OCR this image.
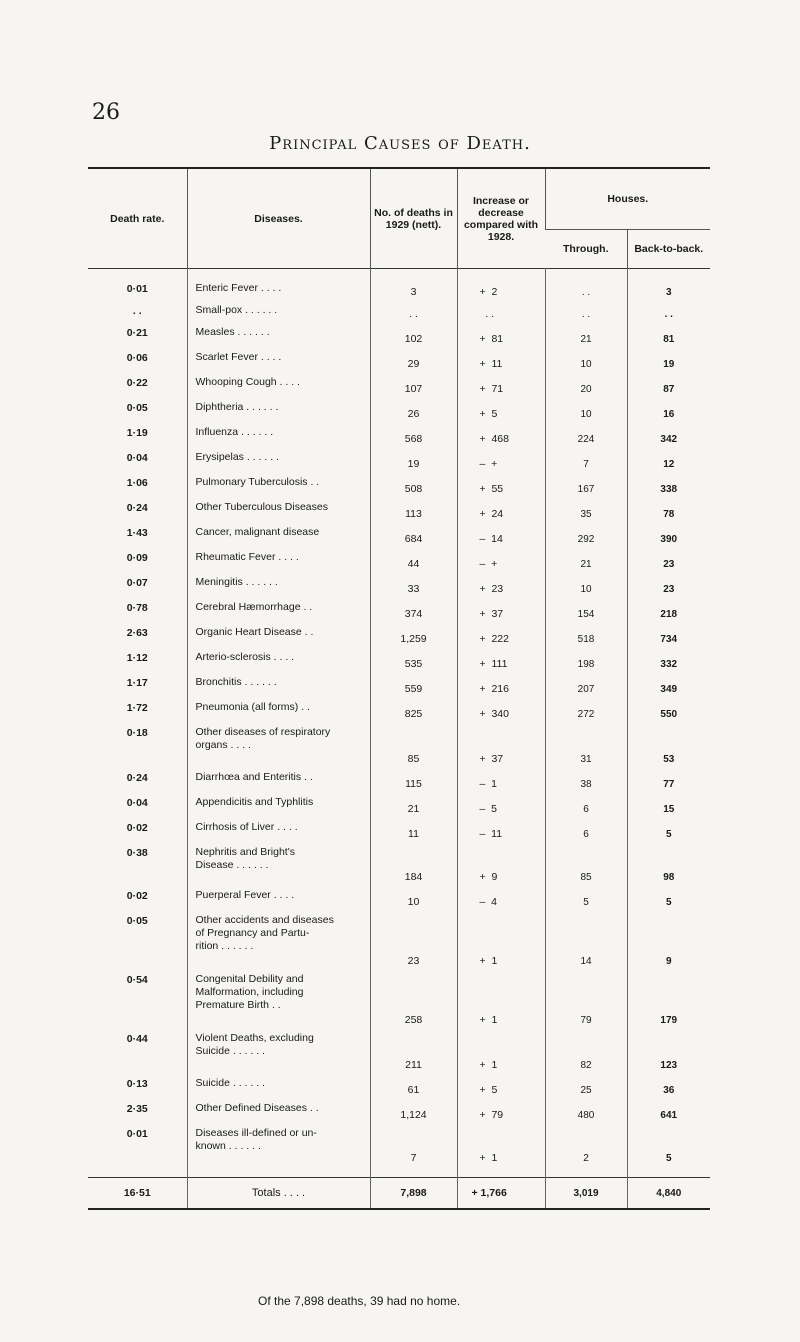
26
Principal Causes of Death.
Death rate.	Diseases.	No. of deaths in 1929 (nett).	Increase or decrease compared with 1928.	Houses.	
				Through.	Back-to-back.

0·01	Enteric Fever . . . .	3	+  2	. .	3
. .	Small-pox . . . . . .	. .	. .	. .	. .
0·21	Measles . . . . . .	102	+  81	21	81
0·06	Scarlet Fever . . . .	29	+  11	10	19
0·22	Whooping Cough . . . .	107	+  71	20	87
0·05	Diphtheria . . . . . .	26	+  5	10	16
1·19	Influenza . . . . . .	568	+  468	224	342
0·04	Erysipelas . . . . . .	19	–  +	7	12
1·06	Pulmonary Tuberculosis . .	508	+  55	167	338
0·24	Other Tuberculous Diseases	113	+  24	35	78
1·43	Cancer, malignant disease	684	–  14	292	390
0·09	Rheumatic Fever . . . .	44	–  +	21	23
0·07	Meningitis . . . . . .	33	+  23	10	23
0·78	Cerebral Hæmorrhage . .	374	+  37	154	218
2·63	Organic Heart Disease . .	1,259	+  222	518	734
1·12	Arterio-sclerosis . . . .	535	+  111	198	332
1·17	Bronchitis . . . . . .	559	+  216	207	349
1·72	Pneumonia (all forms) . .	825	+  340	272	550
0·18	Other diseases of respiratory
organs . . . .	85	+  37	31	53
0·24	Diarrhœa and Enteritis . .	115	–  1	38	77
0·04	Appendicitis and Typhlitis	21	–  5	6	15
0·02	Cirrhosis of Liver . . . .	11	–  11	6	5
0·38	Nephritis and Bright's
Disease . . . . . .	184	+  9	85	98
0·02	Puerperal Fever . . . .	10	–  4	5	5
0·05	Other accidents and diseases
of Pregnancy and Partu-
rition . . . . . .	23	+  1	14	9
0·54	Congenital Debility and
Malformation, including
Premature Birth . .	258	+  1	79	179
0·44	Violent Deaths, excluding
Suicide . . . . . .	211	+  1	82	123
0·13	Suicide . . . . . .	61	+  5	25	36
2·35	Other Defined Diseases . .	1,124	+  79	480	641
0·01	Diseases ill-defined or un-
known . . . . . .	7	+  1	2	5

16·51	Totals . . . .	7,898	+ 1,766	3,019	4,840
Of the 7,898 deaths, 39 had no home.
